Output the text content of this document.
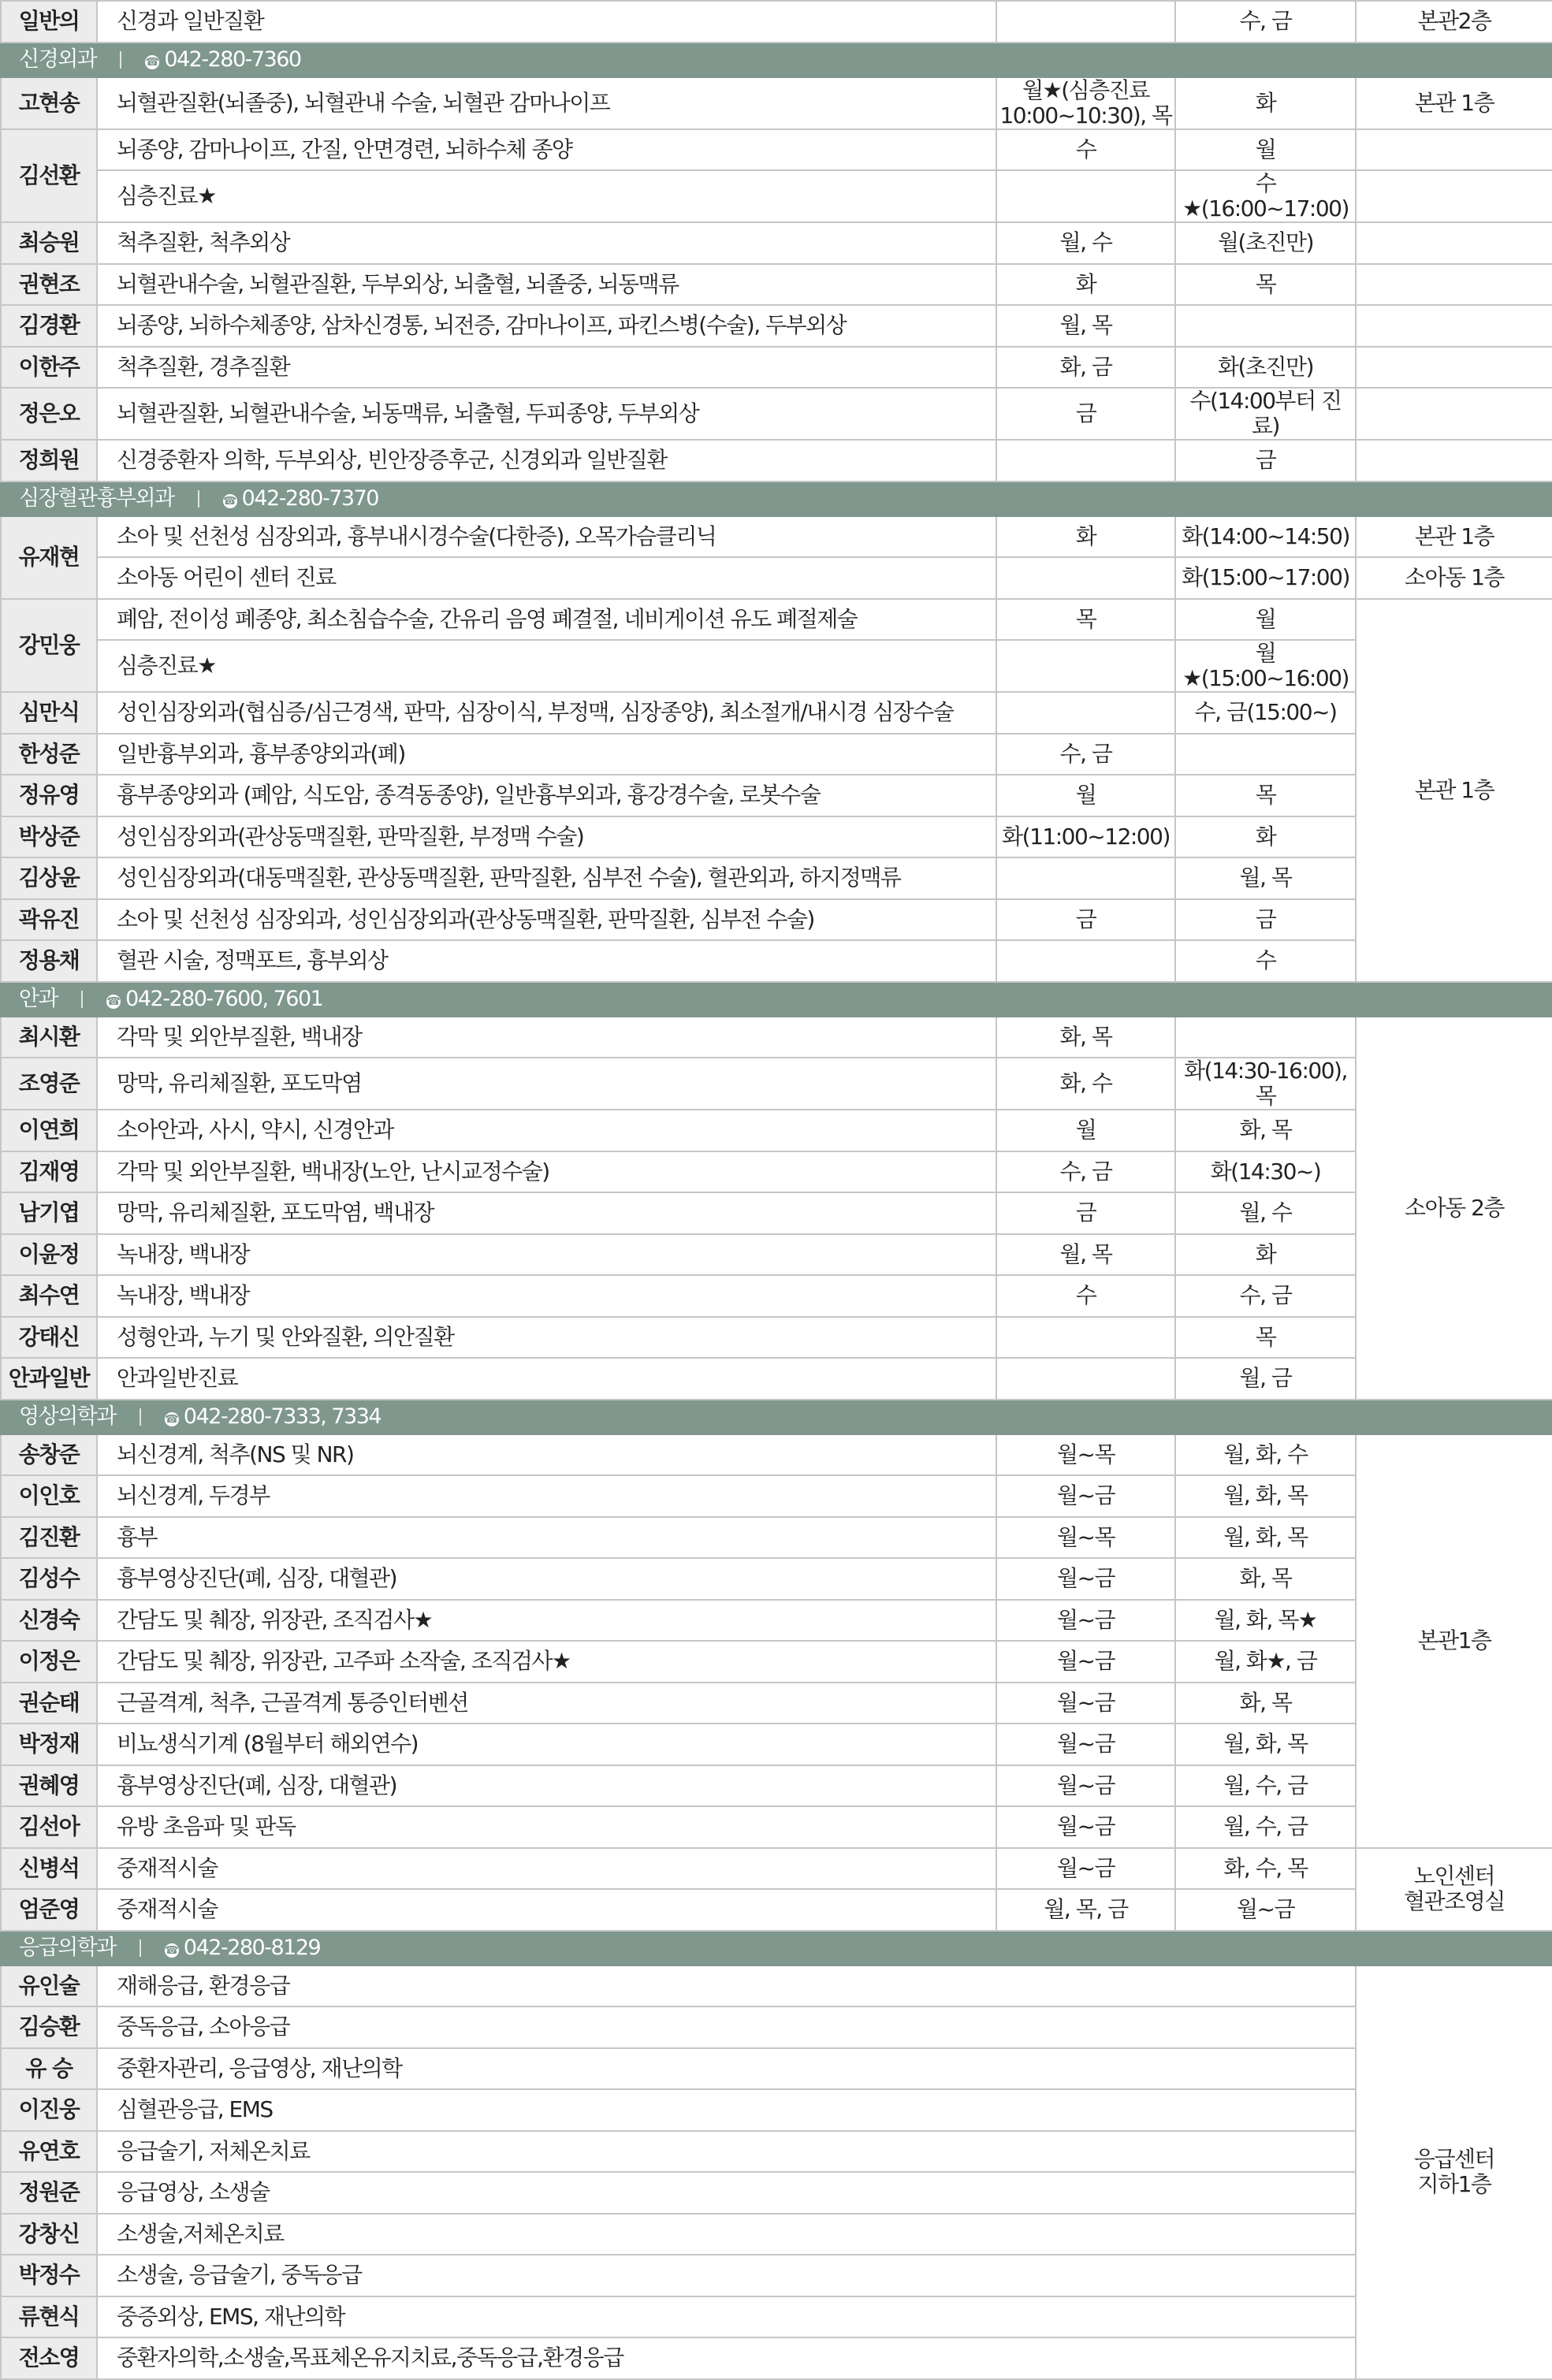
일반의	신경과 일반질환		수, 금	본관2층
신경외과 ☎ 042-280-7360				
고현송	뇌혈관질환(뇌졸중), 뇌혈관내 수술, 뇌혈관 감마나이프	월★(심층진료 10:00~10:30), 목	화	본관 1층
김선환	뇌종양, 감마나이프, 간질, 안면경련, 뇌하수체 종양	수	월	
	심층진료★		수★(16:00~17:00)	
최승원	척추질환, 척추외상	월, 수	월(초진만)	
권현조	뇌혈관내수술, 뇌혈관질환, 두부외상, 뇌출혈, 뇌졸중, 뇌동맥류	화	목	
김경환	뇌종양, 뇌하수체종양, 삼차신경통, 뇌전증, 감마나이프, 파킨스병(수술), 두부외상	월, 목		
이한주	척추질환, 경추질환	화, 금	화(초진만)	
정은오	뇌혈관질환, 뇌혈관내수술, 뇌동맥류, 뇌출혈, 두피종양, 두부외상	금	수(14:00부터 진료)	
정희원	신경중환자 의학, 두부외상, 빈안장증후군, 신경외과 일반질환		금	
심장혈관흉부외과 ☎ 042-280-7370				
유재현	소아 및 선천성 심장외과, 흉부내시경수술(다한증), 오목가슴클리닉	화	화(14:00~14:50)	본관 1층
	소아동 어린이 센터 진료		화(15:00~17:00)	소아동 1층
강민웅	폐암, 전이성 폐종양, 최소침습수술, 간유리 음영 폐결절, 네비게이션 유도 폐절제술	목	월	본관 1층
	심층진료★		월★(15:00~16:00)	
심만식	성인심장외과(협심증/심근경색, 판막, 심장이식, 부정맥, 심장종양), 최소절개/내시경 심장수술		수, 금(15:00~)	
한성준	일반흉부외과, 흉부종양외과(폐)	수, 금		
정유영	흉부종양외과 (폐암, 식도암, 종격동종양), 일반흉부외과, 흉강경수술, 로봇수술	월	목	
박상준	성인심장외과(관상동맥질환, 판막질환, 부정맥 수술)	화(11:00~12:00)	화	
김상윤	성인심장외과(대동맥질환, 관상동맥질환, 판막질환, 심부전 수술), 혈관외과, 하지정맥류		월, 목	
곽유진	소아 및 선천성 심장외과, 성인심장외과(관상동맥질환, 판막질환, 심부전 수술)	금	금	
정용채	혈관 시술, 정맥포트, 흉부외상		수	
안과 ☎ 042-280-7600, 7601				
최시환	각막 및 외안부질환, 백내장	화, 목		소아동 2층
조영준	망막, 유리체질환, 포도막염	화, 수	화(14:30-16:00), 목	
이연희	소아안과, 사시, 약시, 신경안과	월	화, 목	
김재영	각막 및 외안부질환, 백내장(노안, 난시교정수술)	수, 금	화(14:30~)	
남기엽	망막, 유리체질환, 포도막염, 백내장	금	월, 수	
이윤정	녹내장, 백내장	월, 목	화	
최수연	녹내장, 백내장	수	수, 금	
강태신	성형안과, 누기 및 안와질환, 의안질환		목	
안과일반	안과일반진료		월, 금	
영상의학과 ☎ 042-280-7333, 7334				
송창준	뇌신경계, 척추(NS 및 NR)	월~목	월, 화, 수	본관1층
이인호	뇌신경계, 두경부	월~금	월, 화, 목	
김진환	흉부	월~목	월, 화, 목	
김성수	흉부영상진단(폐, 심장, 대혈관)	월~금	화, 목	
신경숙	간담도 및 췌장, 위장관, 조직검사★	월~금	월, 화, 목★	
이정은	간담도 및 췌장, 위장관, 고주파 소작술, 조직검사★	월~금	월, 화★, 금	
권순태	근골격계, 척추, 근골격계 통증인터벤션	월~금	화, 목	
박정재	비뇨생식기계 (8월부터 해외연수)	월~금	월, 화, 목	
권혜영	흉부영상진단(폐, 심장, 대혈관)	월~금	월, 수, 금	
김선아	유방 초음파 및 판독	월~금	월, 수, 금	
신병석	중재적시술	월~금	화, 수, 목	노인센터
혈관조영실
엄준영	중재적시술	월, 목, 금	월~금	
응급의학과 ☎ 042-280-8129				
유인술	재해응급, 환경응급			응급센터
지하1층
김승환	중독응급, 소아응급			
유 승	중환자관리, 응급영상, 재난의학			
이진웅	심혈관응급, EMS			
유연호	응급술기, 저체온치료			
정원준	응급영상, 소생술			
강창신	소생술,저체온치료			
박정수	소생술, 응급술기, 중독응급			
류현식	중증외상, EMS, 재난의학			
전소영	중환자의학,소생술,목표체온유지치료,중독응급,환경응급			
